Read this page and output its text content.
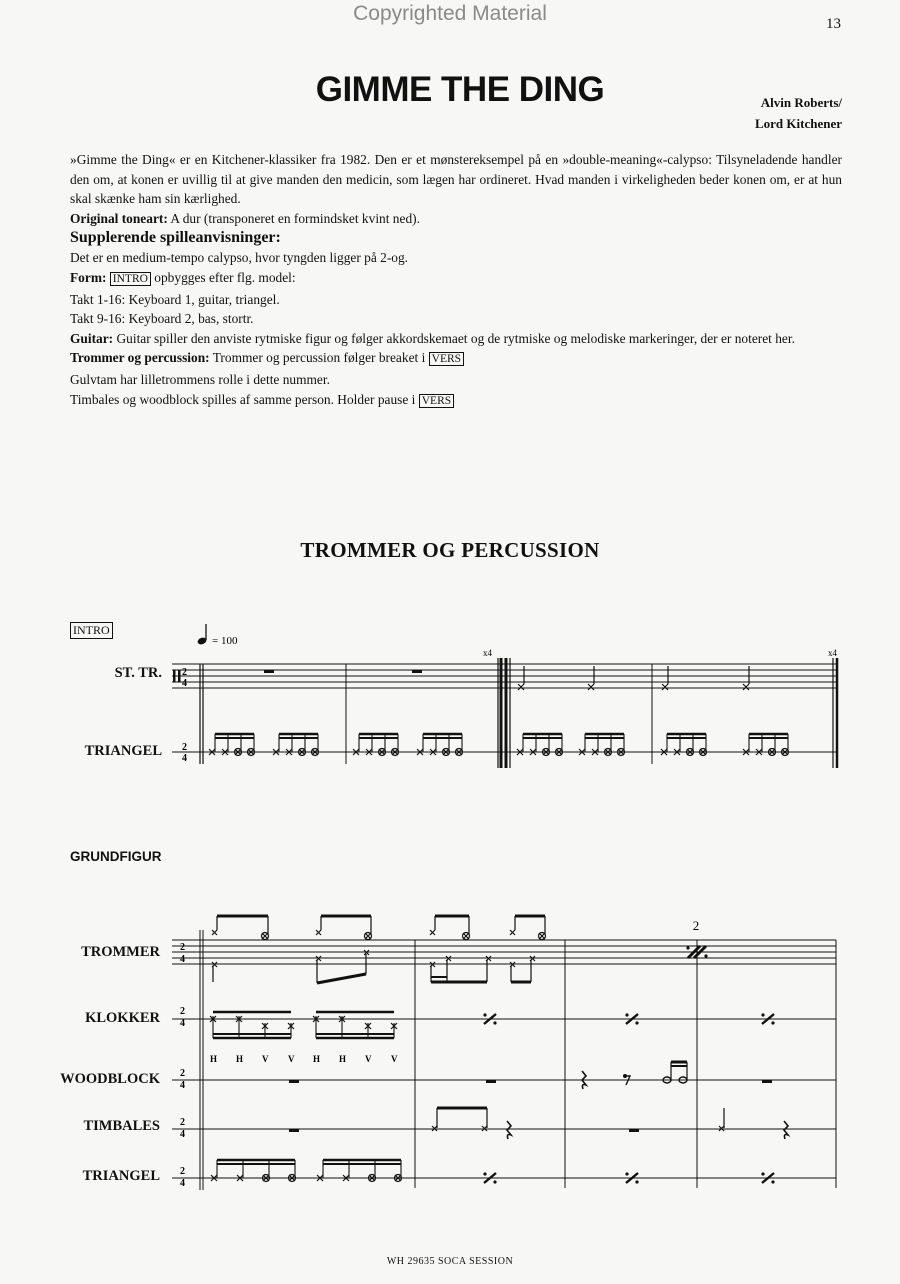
Copyrighted Material	13
GIMME THE DING	Alvin Roberts/
Lord Kitchener

»Gimme the Ding« er en Kitchener-klassiker fra 1982. Den er et mønstereksempel på en »double-meaning«-calypso: Tilsyneladende handler den om, at konen er uvillig til at give manden den medicin, som lægen har ordineret. Hvad manden i virkeligheden beder konen om, er at hun skal skænke ham sin kærlighed.

Original toneart: A dur (transponeret en formindsket kvint ned).

Supplerende spilleanvisninger:

Det er en medium-tempo calypso, hvor tyngden ligger på 2-og.

Form: INTRO opbygges efter flg. model:

Takt 1-16: Keyboard 1, guitar, triangel.

Takt 9-16: Keyboard 2, bas, stortr.

Guitar: Guitar spiller den anviste rytmiske figur og følger akkordskemaet og de rytmiske og melodiske markeringer, der er noteret her.

Trommer og percussion: Trommer og percussion følger breaket i VERS

Gulvtam har lilletrommens rolle i dette nummer.

Timbales og woodblock spilles af samme person. Holder pause i VERS

TROMMER OG PERCUSSION
INTRO
ST. TR.
TRIANGEL
GRUNDFIGUR
TROMMER
KLOKKER
WOODBLOCK
TIMBALES
TRIANGEL
= 100
2
4
2
4
x4	x4
2
4
2
2
4
2
4
2
4
2
4
H H V V H H V V
WH 29635 SOCA SESSION
